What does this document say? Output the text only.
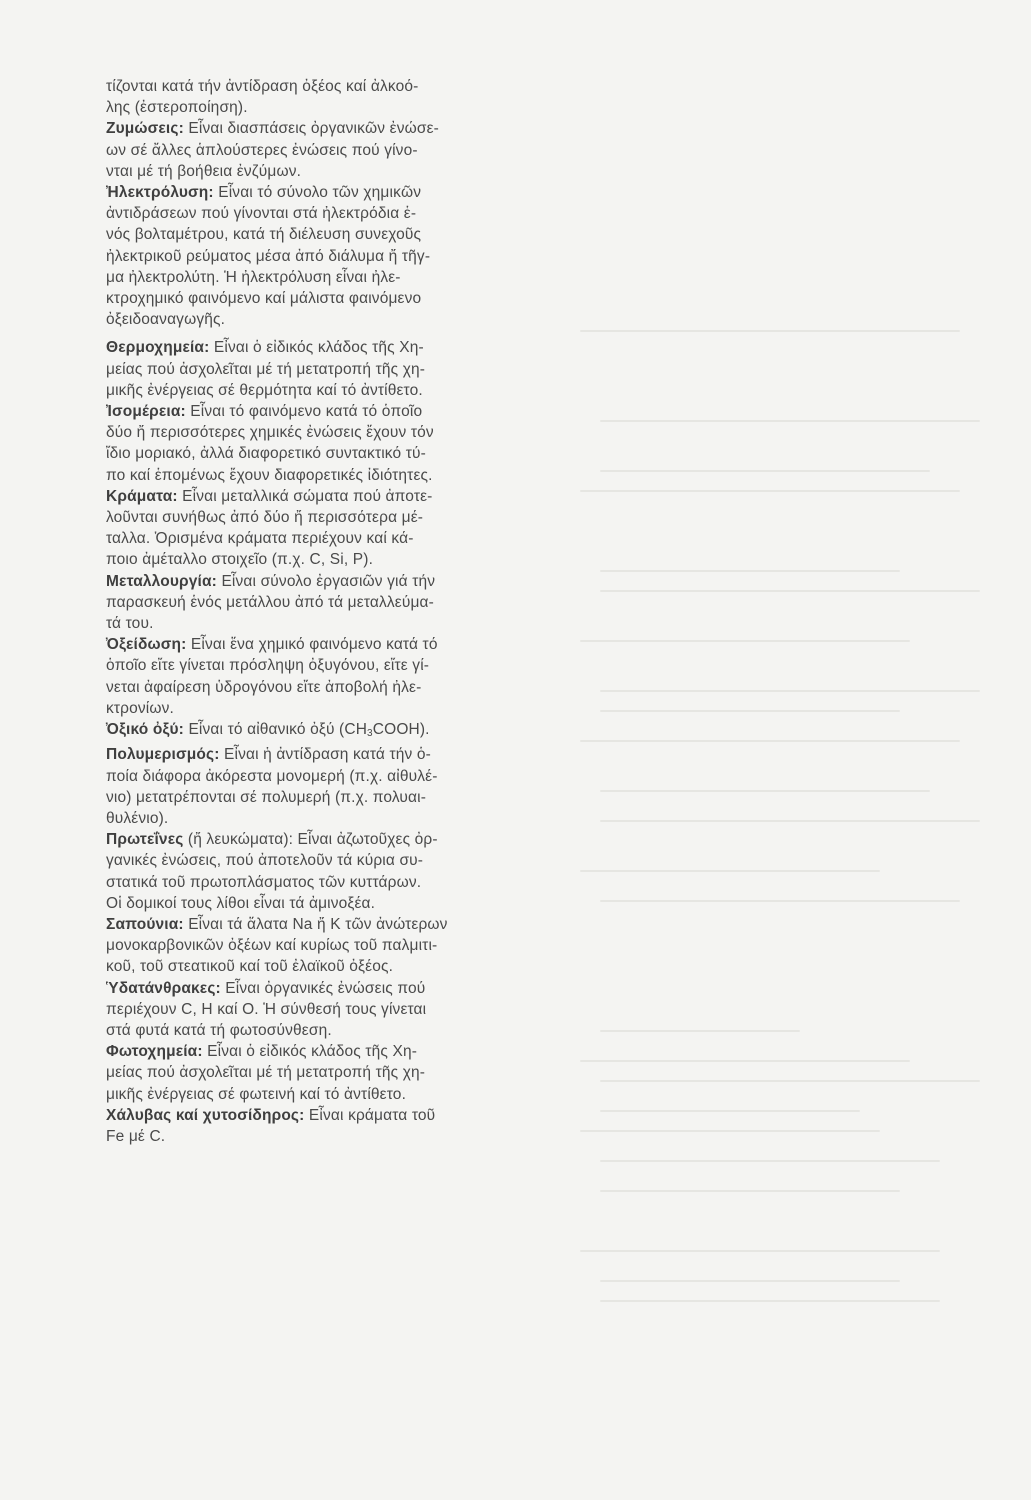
τίζονται κατά τήν ἀντίδραση ὀξέος καί ἀλκοό-
λης (ἐστεροποίηση).

Ζυμώσεις: Εἶναι διασπάσεις ὀργανικῶν ἐνώσε-
ων σέ ἄλλες ἁπλούστερες ἐνώσεις πού γίνο-
νται μέ τή βοήθεια ἐνζύμων.

Ἠλεκτρόλυση: Εἶναι τό σύνολο τῶν χημικῶν
ἀντιδράσεων πού γίνονται στά ἠλεκτρόδια ἑ-
νός βολταμέτρου, κατά τή διέλευση συνεχοῦς
ἠλεκτρικοῦ ρεύματος μέσα ἀπό διάλυμα ἤ τῆγ-
μα ἠλεκτρολύτη. Ἡ ἠλεκτρόλυση εἶναι ἠλε-
κτροχημικό φαινόμενο καί μάλιστα φαινόμενο
ὀξειδοαναγωγῆς.

Θερμοχημεία: Εἶναι ὁ εἰδικός κλάδος τῆς Χη-
μείας πού ἀσχολεῖται μέ τή μετατροπή τῆς χη-
μικῆς ἐνέργειας σέ θερμότητα καί τό ἀντίθετο.

Ἰσομέρεια: Εἶναι τό φαινόμενο κατά τό ὁποῖο
δύο ἤ περισσότερες χημικές ἐνώσεις ἔχουν τόν
ἴδιο μοριακό, ἀλλά διαφορετικό συντακτικό τύ-
πο καί ἑπομένως ἔχουν διαφορετικές ἰδιότητες.

Κράματα: Εἶναι μεταλλικά σώματα πού ἀποτε-
λοῦνται συνήθως ἀπό δύο ἤ περισσότερα μέ-
ταλλα. Ὁρισμένα κράματα περιέχουν καί κά-
ποιο ἀμέταλλο στοιχεῖο (π.χ. C, Si, P).

Μεταλλουργία: Εἶναι σύνολο ἐργασιῶν γιά τήν
παρασκευή ἑνός μετάλλου ἀπό τά μεταλλεύμα-
τά του.

Ὀξείδωση: Εἶναι ἕνα χημικό φαινόμενο κατά τό
ὁποῖο εἴτε γίνεται πρόσληψη ὀξυγόνου, εἴτε γί-
νεται ἀφαίρεση ὑδρογόνου εἴτε ἀποβολή ἠλε-
κτρονίων.

Ὀξικό ὀξύ: Εἶναι τό αἰθανικό ὀξύ $(CH_3COOH)$.

Πολυμερισμός: Εἶναι ἡ ἀντίδραση κατά τήν ὁ-
ποία διάφορα ἀκόρεστα μονομερή (π.χ. αἰθυλέ-
νιο) μετατρέπονται σέ πολυμερή (π.χ. πολυαι-
θυλένιο).

Πρωτεΐνες (ἤ λευκώματα): Εἶναι ἀζωτοῦχες ὀρ-
γανικές ἐνώσεις, πού ἀποτελοῦν τά κύρια συ-
στατικά τοῦ πρωτοπλάσματος τῶν κυττάρων.
Οἱ δομικοί τους λίθοι εἶναι τά ἀμινοξέα.

Σαπούνια: Εἶναι τά ἅλατα Na ἤ K τῶν ἀνώτερων
μονοκαρβονικῶν ὀξέων καί κυρίως τοῦ παλμιτι-
κοῦ, τοῦ στεατικοῦ καί τοῦ ἐλαϊκοῦ ὀξέος.

Ὑδατάνθρακες: Εἶναι ὀργανικές ἐνώσεις πού
περιέχουν C, H καί O. Ἡ σύνθεσή τους γίνεται
στά φυτά κατά τή φωτοσύνθεση.

Φωτοχημεία: Εἶναι ὁ εἰδικός κλάδος τῆς Χη-
μείας πού ἀσχολεῖται μέ τή μετατροπή τῆς χη-
μικῆς ἐνέργειας σέ φωτεινή καί τό ἀντίθετο.

Χάλυβας καί χυτοσίδηρος: Εἶναι κράματα τοῦ
Fe μέ C.
